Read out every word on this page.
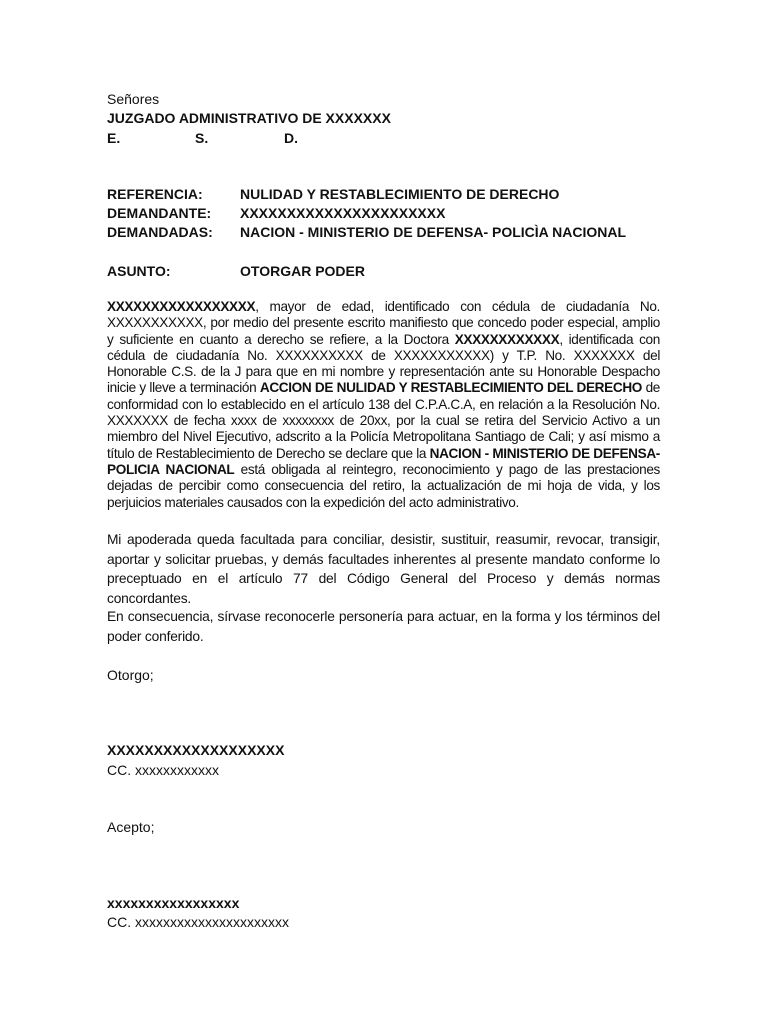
Señores
JUZGADO ADMINISTRATIVO DE XXXXXXX
E.	S.	D.
REFERENCIA:	NULIDAD Y RESTABLECIMIENTO DE DERECHO
DEMANDANTE: XXXXXXXXXXXXXXXXXXXXXX
DEMANDADAS: NACION - MINISTERIO DE DEFENSA- POLICÌA NACIONAL
ASUNTO:	OTORGAR PODER
XXXXXXXXXXXXXXXXX, mayor de edad, identificado con cédula de ciudadanía No. XXXXXXXXXXX, por medio del presente escrito manifiesto que concedo poder especial, amplio y suficiente en cuanto a derecho se refiere, a la Doctora XXXXXXXXXXXX, identificada con cédula de ciudadanía No. XXXXXXXXXX de XXXXXXXXXXX) y T.P. No. XXXXXXX del Honorable C.S. de la J para que en mi nombre y representación ante su Honorable Despacho inicie y lleve a terminación ACCION DE NULIDAD Y RESTABLECIMIENTO DEL DERECHO de conformidad con lo establecido en el artículo 138 del C.P.A.C.A, en relación a la Resolución No. XXXXXXX de fecha xxxx de xxxxxxxx de 20xx, por la cual se retira del Servicio Activo a un miembro del Nivel Ejecutivo, adscrito a la Policía Metropolitana Santiago de Cali; y así mismo a título de Restablecimiento de Derecho se declare que la NACION - MINISTERIO DE DEFENSA- POLICIA NACIONAL está obligada al reintegro, reconocimiento y pago de las prestaciones dejadas de percibir como consecuencia del retiro, la actualización de mi hoja de vida, y los perjuicios materiales causados con la expedición del acto administrativo.
Mi apoderada queda facultada para conciliar, desistir, sustituir, reasumir, revocar, transigir, aportar y solicitar pruebas, y demás facultades inherentes al presente mandato conforme lo preceptuado en el artículo 77 del Código General del Proceso y demás normas concordantes.
En consecuencia, sírvase reconocerle personería para actuar, en la forma y los términos del poder conferido.
Otorgo;
XXXXXXXXXXXXXXXXXXX
CC. xxxxxxxxxxxx
Acepto;
xxxxxxxxxxxxxxxxx
CC. xxxxxxxxxxxxxxxxxxxxxx
